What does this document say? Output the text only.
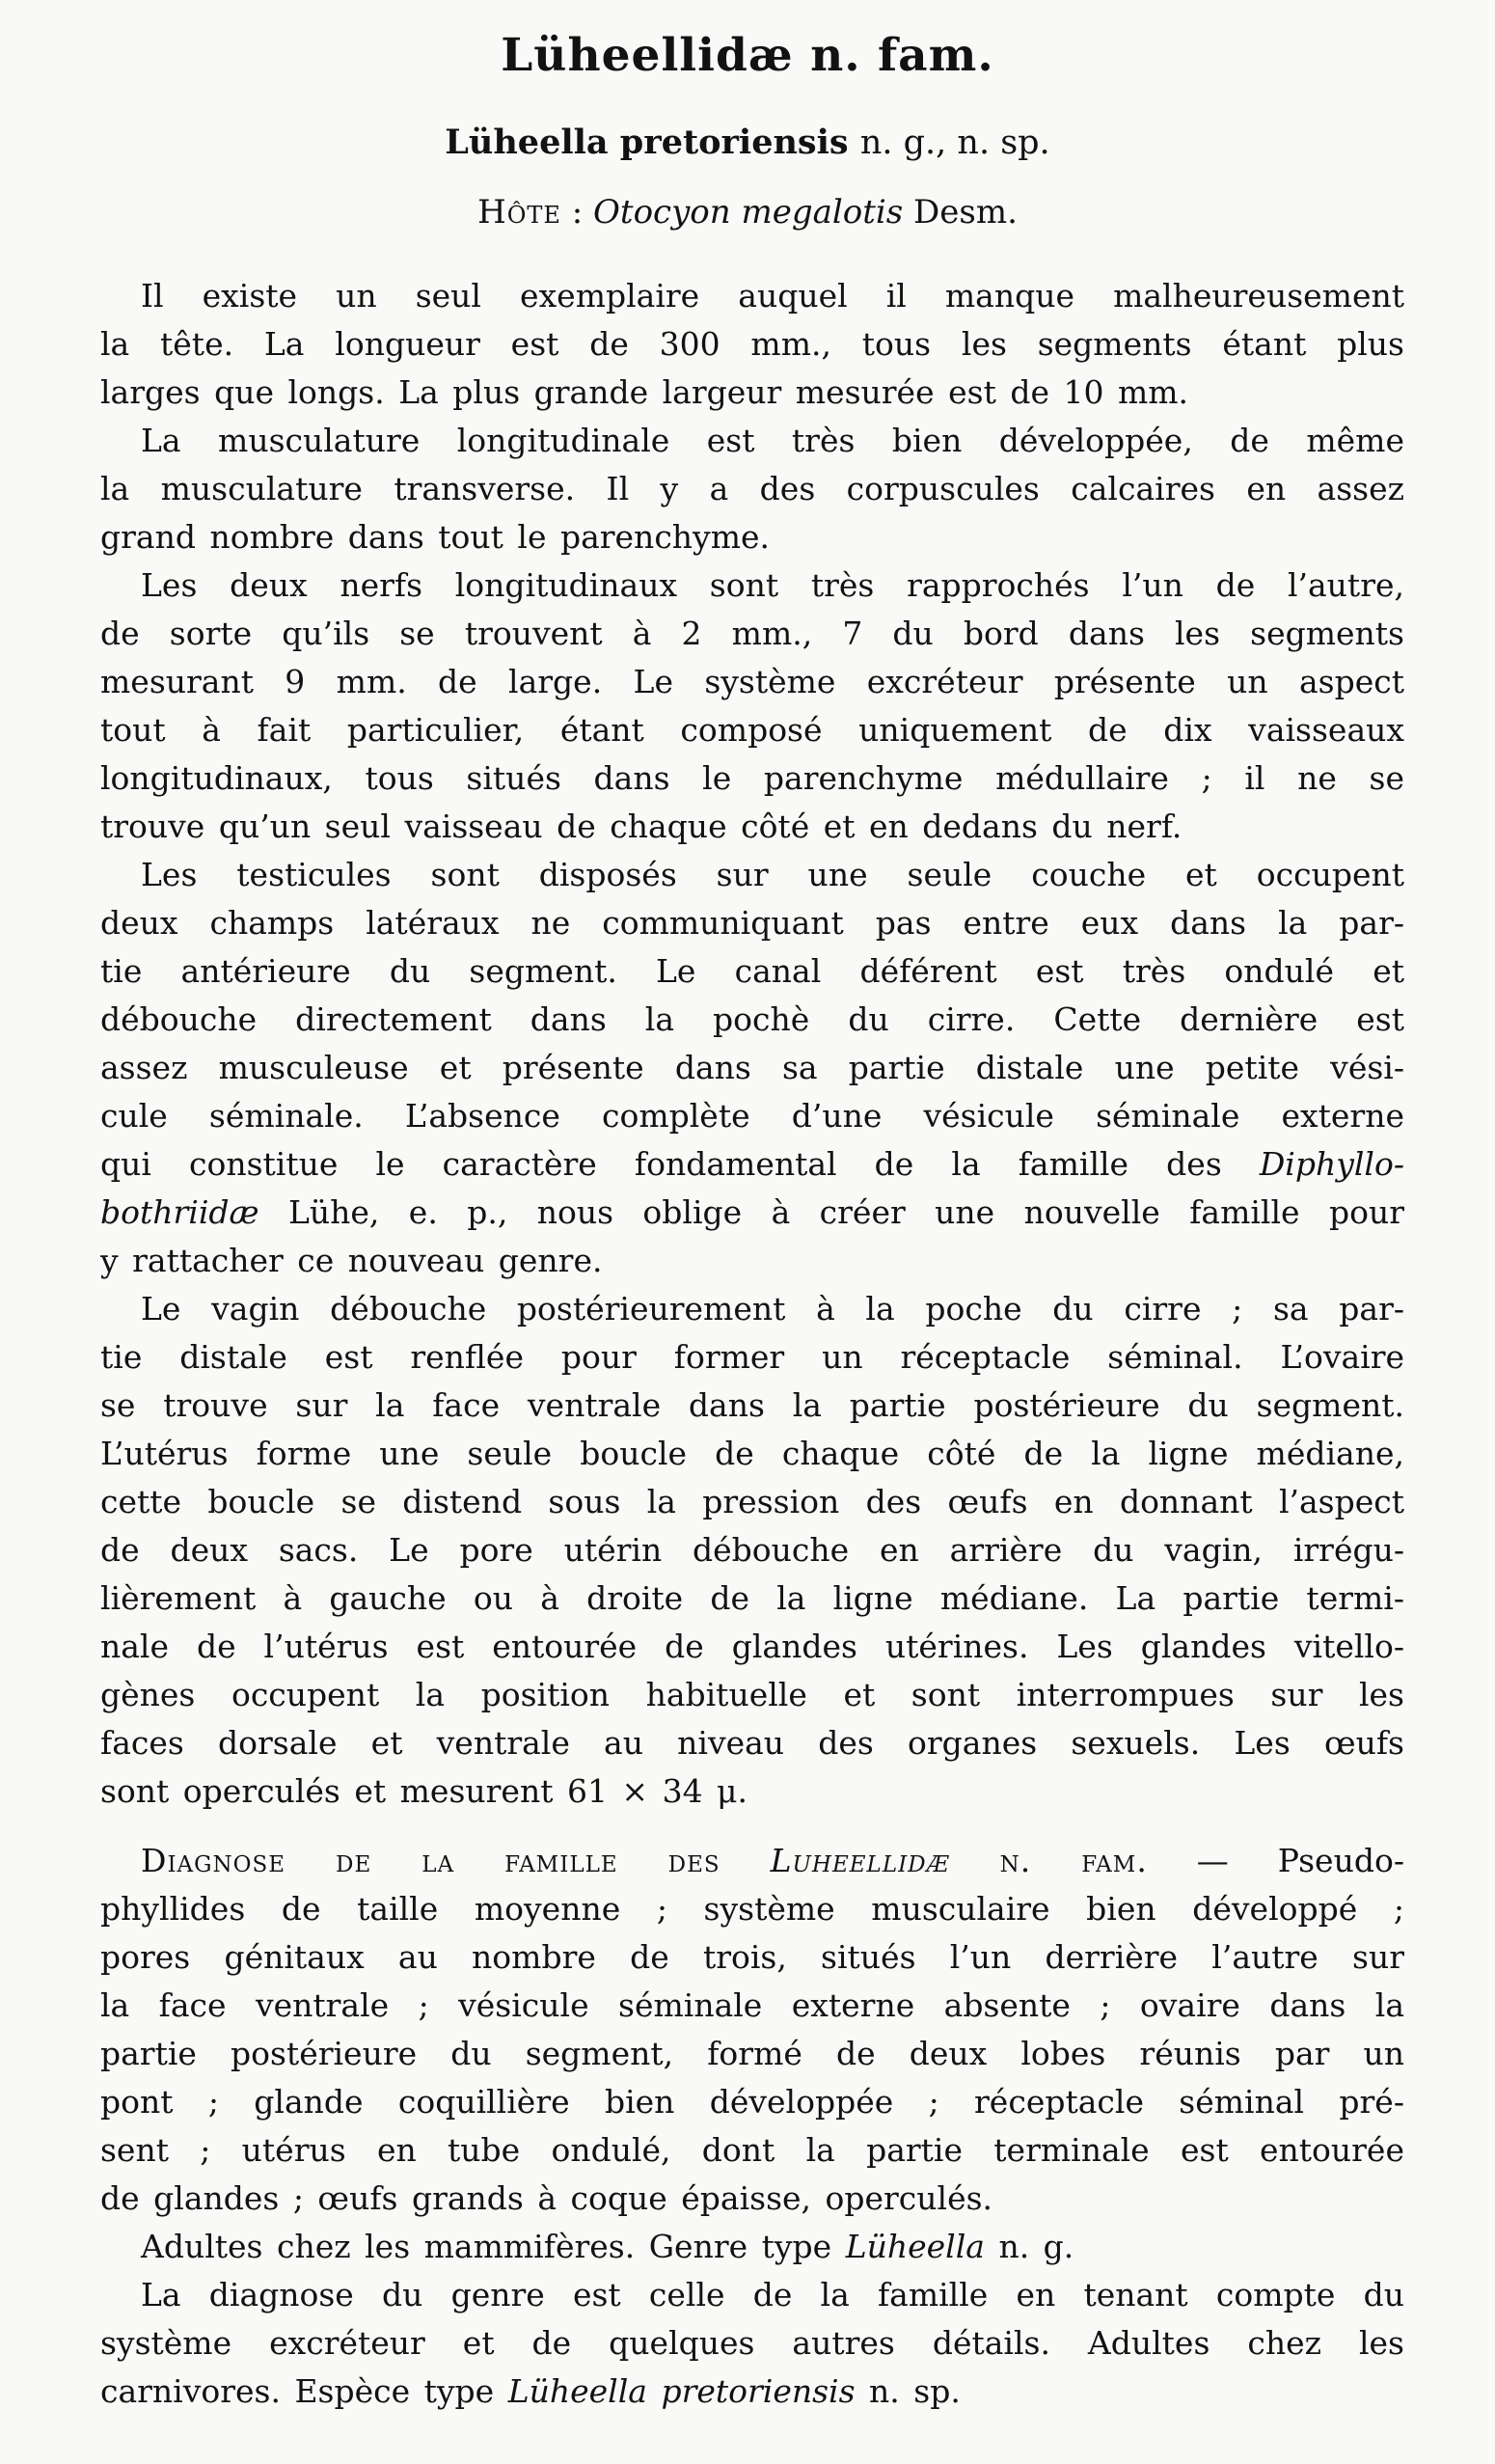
Lüheellidæ n. fam.
Lüheella pretoriensis n. g., n. sp.
Hôte : Otocyon megalotis Desm.
Il existe un seul exemplaire auquel il manque malheureusement
la tête. La longueur est de 300 mm., tous les segments étant plus
larges que longs. La plus grande largeur mesurée est de 10 mm.
La musculature longitudinale est très bien développée, de même
la musculature transverse. Il y a des corpuscules calcaires en assez
grand nombre dans tout le parenchyme.
Les deux nerfs longitudinaux sont très rapprochés l’un de l’autre,
de sorte qu’ils se trouvent à 2 mm., 7 du bord dans les segments
mesurant 9 mm. de large. Le système excréteur présente un aspect
tout à fait particulier, étant composé uniquement de dix vaisseaux
longitudinaux, tous situés dans le parenchyme médullaire ; il ne se
trouve qu’un seul vaisseau de chaque côté et en dedans du nerf.
Les testicules sont disposés sur une seule couche et occupent
deux champs latéraux ne communiquant pas entre eux dans la par-
tie antérieure du segment. Le canal déférent est très ondulé et
débouche directement dans la pochè du cirre. Cette dernière est
assez musculeuse et présente dans sa partie distale une petite vési-
cule séminale. L’absence complète d’une vésicule séminale externe
qui constitue le caractère fondamental de la famille des Diphyllo-
bothriidæ Lühe, e. p., nous oblige à créer une nouvelle famille pour
y rattacher ce nouveau genre.
Le vagin débouche postérieurement à la poche du cirre ; sa par-
tie distale est renflée pour former un réceptacle séminal. L’ovaire
se trouve sur la face ventrale dans la partie postérieure du segment.
L’utérus forme une seule boucle de chaque côté de la ligne médiane,
cette boucle se distend sous la pression des œufs en donnant l’aspect
de deux sacs. Le pore utérin débouche en arrière du vagin, irrégu-
lièrement à gauche ou à droite de la ligne médiane. La partie termi-
nale de l’utérus est entourée de glandes utérines. Les glandes vitello-
gènes occupent la position habituelle et sont interrompues sur les
faces dorsale et ventrale au niveau des organes sexuels. Les œufs
sont operculés et mesurent 61 × 34 μ.
Diagnose de la famille des Luheellidæ n. fam. — Pseudo-
phyllides de taille moyenne ; système musculaire bien développé ;
pores génitaux au nombre de trois, situés l’un derrière l’autre sur
la face ventrale ; vésicule séminale externe absente ; ovaire dans la
partie postérieure du segment, formé de deux lobes réunis par un
pont ; glande coquillière bien développée ; réceptacle séminal pré-
sent ; utérus en tube ondulé, dont la partie terminale est entourée
de glandes ; œufs grands à coque épaisse, operculés.
Adultes chez les mammifères. Genre type Lüheella n. g.
La diagnose du genre est celle de la famille en tenant compte du
système excréteur et de quelques autres détails. Adultes chez les
carnivores. Espèce type Lüheella pretoriensis n. sp.
